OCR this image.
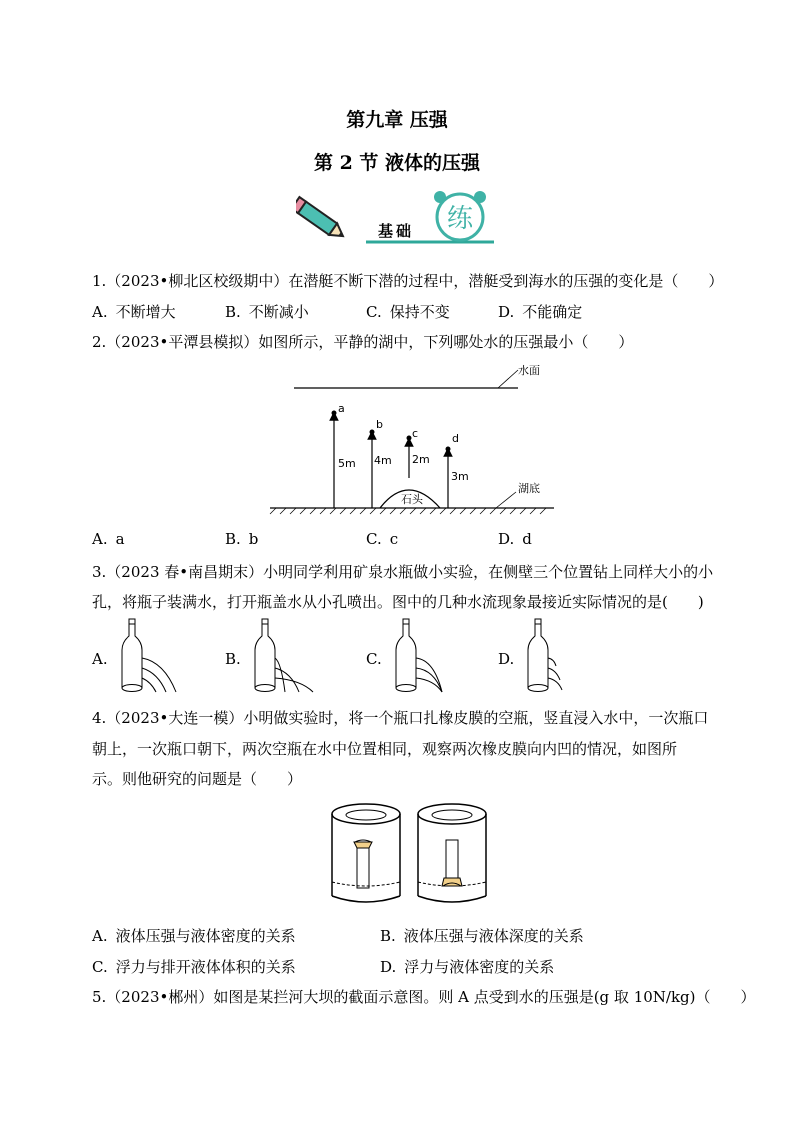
第九章 压强
第 2 节 液体的压强
基础 练
1.（2023•柳北区校级期中）在潜艇不断下潜的过程中，潜艇受到海水的压强的变化是（　　）
A. 不断增大	B. 不断减小	C. 保持不变	D. 不能确定
2.（2023•平潭县模拟）如图所示，平静的湖中，下列哪处水的压强最小（　　）
水面
湖底
石头
a
5m
b
4m
c
2m
d
3m
A. a	B. b	C. c	D. d
3.（2023 春•南昌期末）小明同学利用矿泉水瓶做小实验，在侧壁三个位置钻上同样大小的小
孔，将瓶子装满水，打开瓶盖水从小孔喷出。图中的几种水流现象最接近实际情况的是(　　)
A.	B.	C.	D.
4.（2023•大连一模）小明做实验时，将一个瓶口扎橡皮膜的空瓶，竖直浸入水中，一次瓶口
朝上，一次瓶口朝下，两次空瓶在水中位置相同，观察两次橡皮膜向内凹的情况，如图所
示。则他研究的问题是（　　）
A. 液体压强与液体密度的关系	B. 液体压强与液体深度的关系
C. 浮力与排开液体体积的关系	D. 浮力与液体密度的关系
5.（2023•郴州）如图是某拦河大坝的截面示意图。则 A 点受到水的压强是(g 取 10N/kg)（　　）
